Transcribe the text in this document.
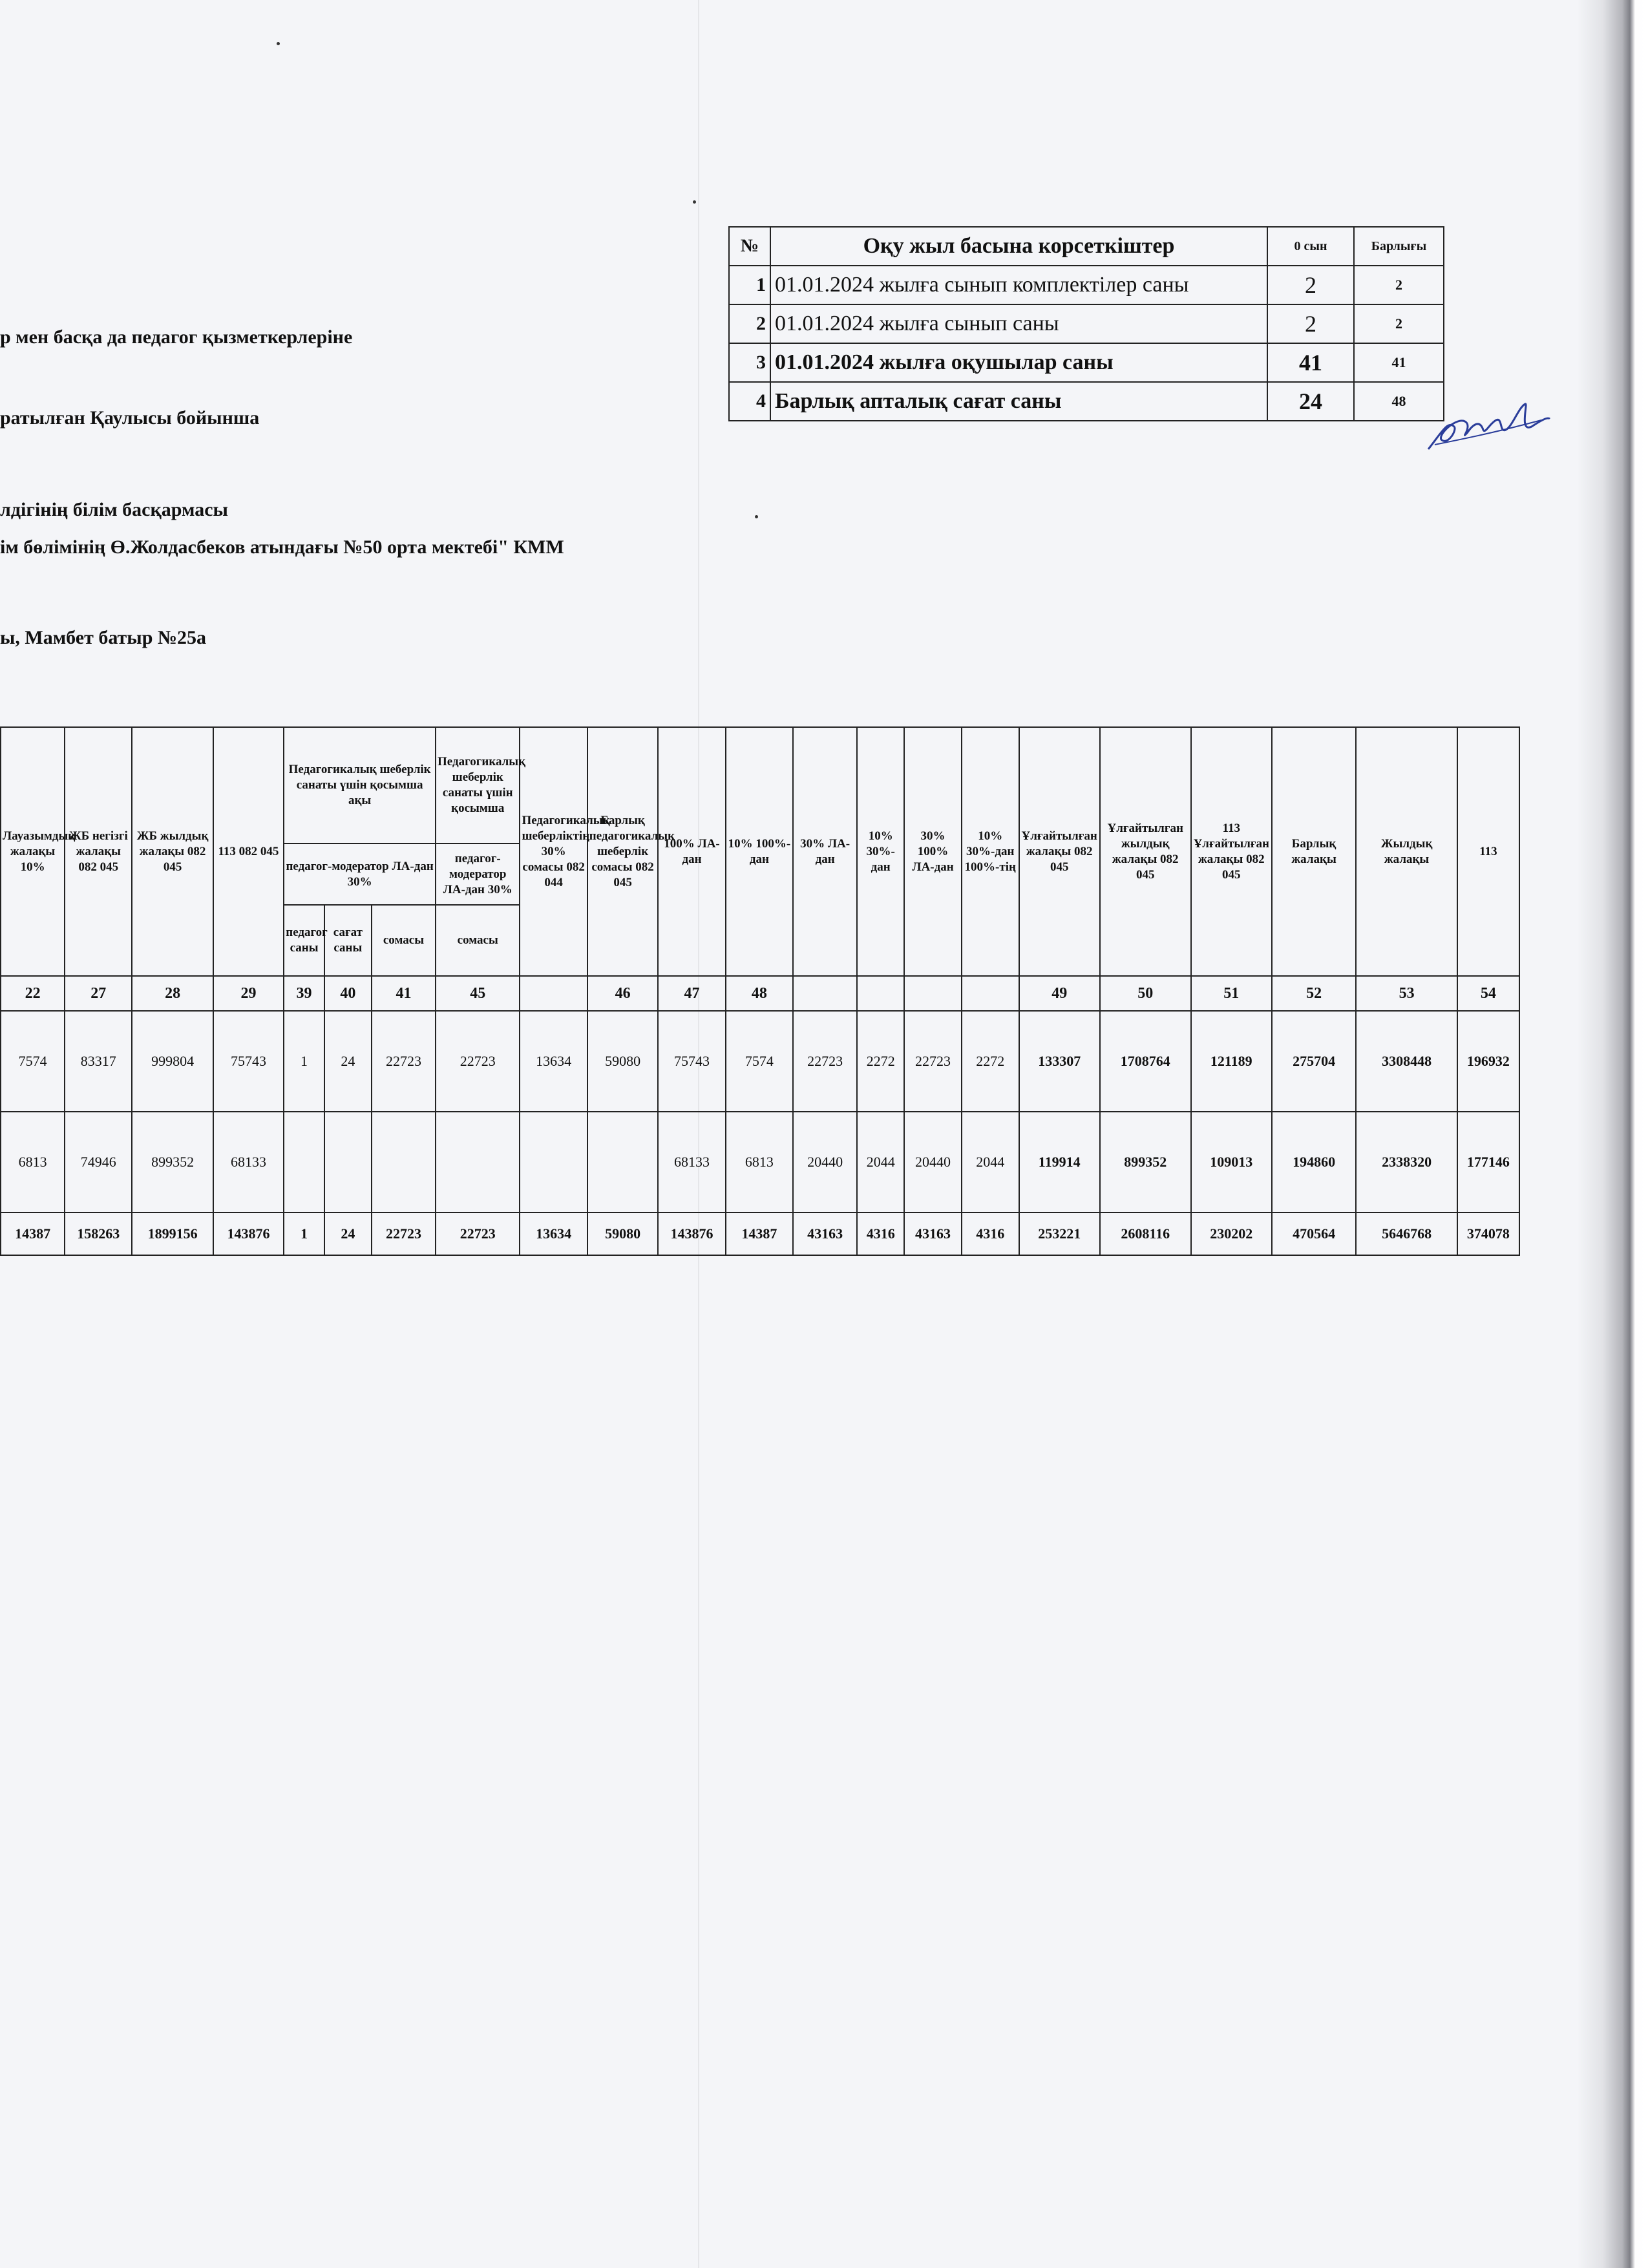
№	Оқу жыл басына корсеткіштер	0 сын	Барлығы
1	01.01.2024 жылға сынып комплектілер саны	2	2
2	01.01.2024 жылға сынып саны	2	2
3	01.01.2024 жылға оқушылар саны	41	41
4	Барлық апталық сағат саны	24	48
р мен басқа да педагог қызметкерлеріне
ратылған Қаулысы бойынша
лдігінің білім басқармасы
ім бөлімінің Ө.Жолдасбеков атындағы №50 орта мектебі" КММ
ы, Мамбет батыр №25а
Лауазымдық жалақы 10%	ЖБ негізгі жалақы 082 045	ЖБ жылдық жалақы 082 045	113 082 045	Педагогикалық шеберлік санаты үшін қосымша ақы			Педагогикалық шеберлік санаты үшін қосымша	Педагогикалық шеберліктің 30% сомасы 082 044	Барлық педагогикалық шеберлік сомасы 082 045	100% ЛА-дан	10% 100%-дан	30% ЛА-дан	10% 30%-дан	30% 100% ЛА-дан	10% 30%-дан 100%-тің	Ұлғайтылған жалақы 082 045	Ұлғайтылған жылдық жалақы 082 045	113 Ұлғайтылған жалақы 082 045	Барлық жалақы	Жылдық жалақы	113
				педагог-модератор ЛА-дан 30%			педагог-модератор ЛА-дан 30%														
				педагог саны	сағат саны	сомасы	сомасы														
22	27	28	29	39	40	41	45		46	47	48					49	50	51	52	53	54
7574	83317	999804	75743	1	24	22723	22723	13634	59080	75743	7574	22723	2272	22723	2272	133307	1708764	121189	275704	3308448	196932
6813	74946	899352	68133							68133	6813	20440	2044	20440	2044	119914	899352	109013	194860	2338320	177146
14387	158263	1899156	143876	1	24	22723	22723	13634	59080	143876	14387	43163	4316	43163	4316	253221	2608116	230202	470564	5646768	374078
